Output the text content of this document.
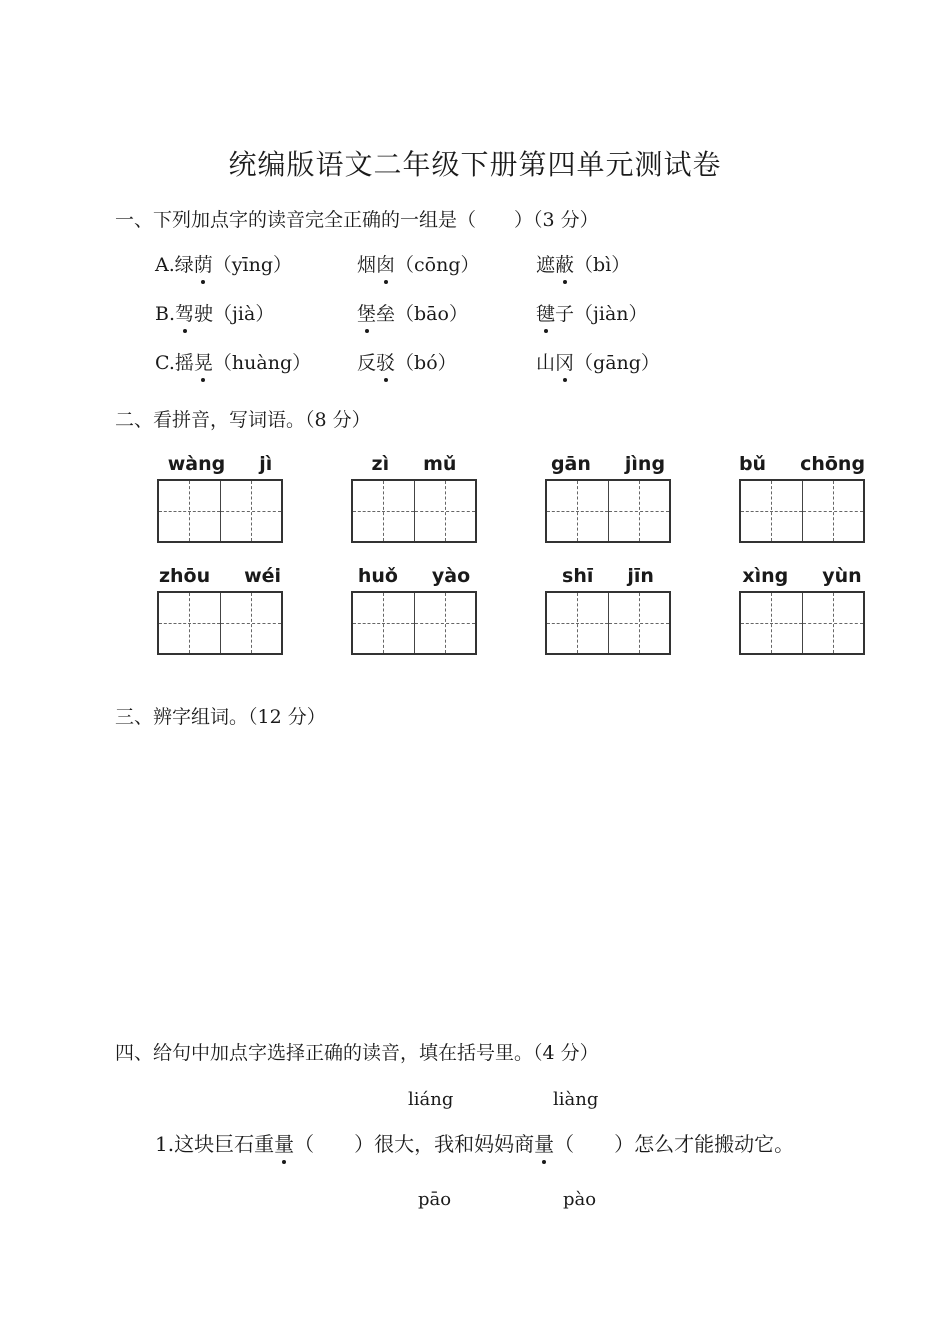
统编版语文二年级下册第四单元测试卷
一、下列加点字的读音完全正确的一组是（　　）（3 分）
A.绿荫（yīng）	烟囱（cōng）	遮蔽（bì）
B.驾驶（jià）	堡垒（bāo）	毽子（jiàn）
C.摇晃（huàng） 反驳（bó）	山冈（gāng）
二、看拼音，写词语。（8 分）
wàng jì	zì mǔ	gān jìng	bǔ chōng
zhōu wéi	huǒ yào	shī jīn	xìng yùn
三、辨字组词。（12 分）
四、给句中加点字选择正确的读音，填在括号里。（4 分）
liáng	liàng
1.这块巨石重量（　　）很大，我和妈妈商量（　　）怎么才能搬动它。
pāo	pào
